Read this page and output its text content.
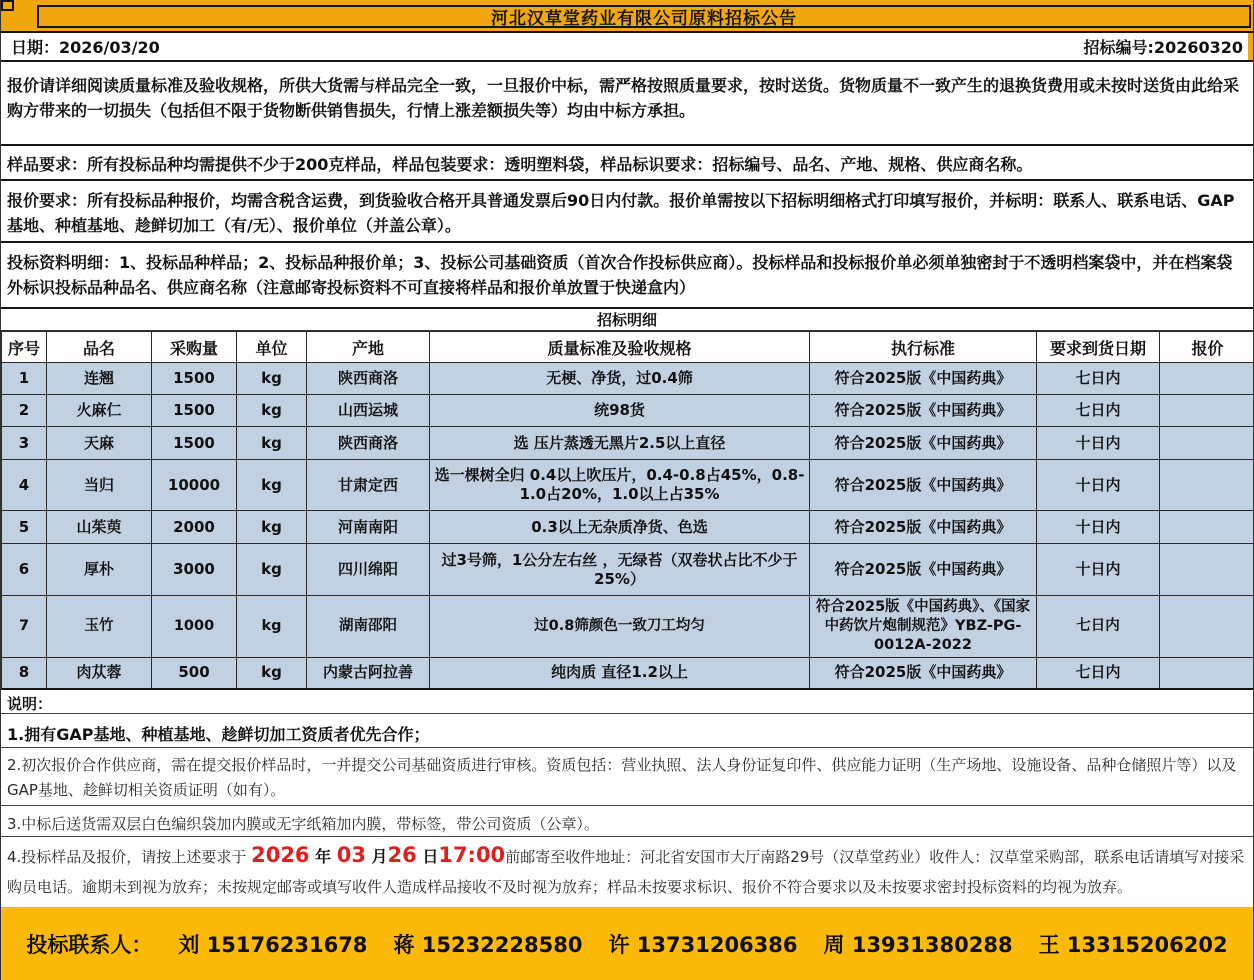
河北汉草堂药业有限公司原料招标公告
日期：2026/03/20	招标编号:20260320
报价请详细阅读质量标准及验收规格，所供大货需与样品完全一致，一旦报价中标，需严格按照质量要求，按时送货。货物质量不一致产生的退换货费用或未按时送货由此给采购方带来的一切损失（包括但不限于货物断供销售损失，行情上涨差额损失等）均由中标方承担。
样品要求：所有投标品种均需提供不少于200克样品，样品包装要求：透明塑料袋，样品标识要求：招标编号、品名、产地、规格、供应商名称。
报价要求：所有投标品种报价，均需含税含运费，到货验收合格开具普通发票后90日内付款。报价单需按以下招标明细格式打印填写报价，并标明：联系人、联系电话、GAP基地、种植基地、趁鲜切加工（有/无）、报价单位（并盖公章）。
投标资料明细：1、投标品种样品；2、投标品种报价单；3、投标公司基础资质（首次合作投标供应商）。投标样品和投标报价单必须单独密封于不透明档案袋中，并在档案袋外标识投标品种品名、供应商名称（注意邮寄投标资料不可直接将样品和报价单放置于快递盒内）
招标明细
序号	品名	采购量	单位	产地	质量标准及验收规格	执行标准	要求到货日期	报价
1	连翘	1500	kg	陕西商洛	无梗、净货，过0.4筛	符合2025版《中国药典》	七日内	
2	火麻仁	1500	kg	山西运城	统98货	符合2025版《中国药典》	七日内	
3	天麻	1500	kg	陕西商洛	选 压片蒸透无黑片2.5以上直径	符合2025版《中国药典》	十日内	
4	当归	10000	kg	甘肃定西	选一棵树全归 0.4以上吹压片，0.4-0.8占45%，0.8-1.0占20%，1.0以上占35%	符合2025版《中国药典》	十日内	
5	山茱萸	2000	kg	河南南阳	0.3以上无杂质净货、色选	符合2025版《中国药典》	十日内	
6	厚朴	3000	kg	四川绵阳	过3号筛，1公分左右丝 ，无绿苔（双卷状占比不少于25%）	符合2025版《中国药典》	十日内	
7	玉竹	1000	kg	湖南邵阳	过0.8筛颜色一致刀工均匀	符合2025版《中国药典》、《国家中药饮片炮制规范》YBZ-PG-0012A-2022	七日内	
8	肉苁蓉	500	kg	内蒙古阿拉善	纯肉质 直径1.2以上	符合2025版《中国药典》	七日内	
说明：
1.拥有GAP基地、种植基地、趁鲜切加工资质者优先合作；
2.初次报价合作供应商，需在提交报价样品时，一并提交公司基础资质进行审核。资质包括：营业执照、法人身份证复印件、供应能力证明（生产场地、设施设备、品种仓储照片等）以及GAP基地、趁鲜切相关资质证明（如有）。
3.中标后送货需双层白色编织袋加内膜或无字纸箱加内膜，带标签，带公司资质（公章）。
4.投标样品及报价，请按上述要求于 2026 年 03 月26 日17:00前邮寄至收件地址：河北省安国市大厅南路29号（汉草堂药业）收件人：汉草堂采购部，联系电话请填写对接采购员电话。逾期未到视为放弃；未按规定邮寄或填写收件人造成样品接收不及时视为放弃；样品未按要求标识、报价不符合要求以及未按要求密封投标资料的均视为放弃。
投标联系人：	刘 15176231678 蒋 15232228580 许 13731206386 周 13931380288 王 13315206202
